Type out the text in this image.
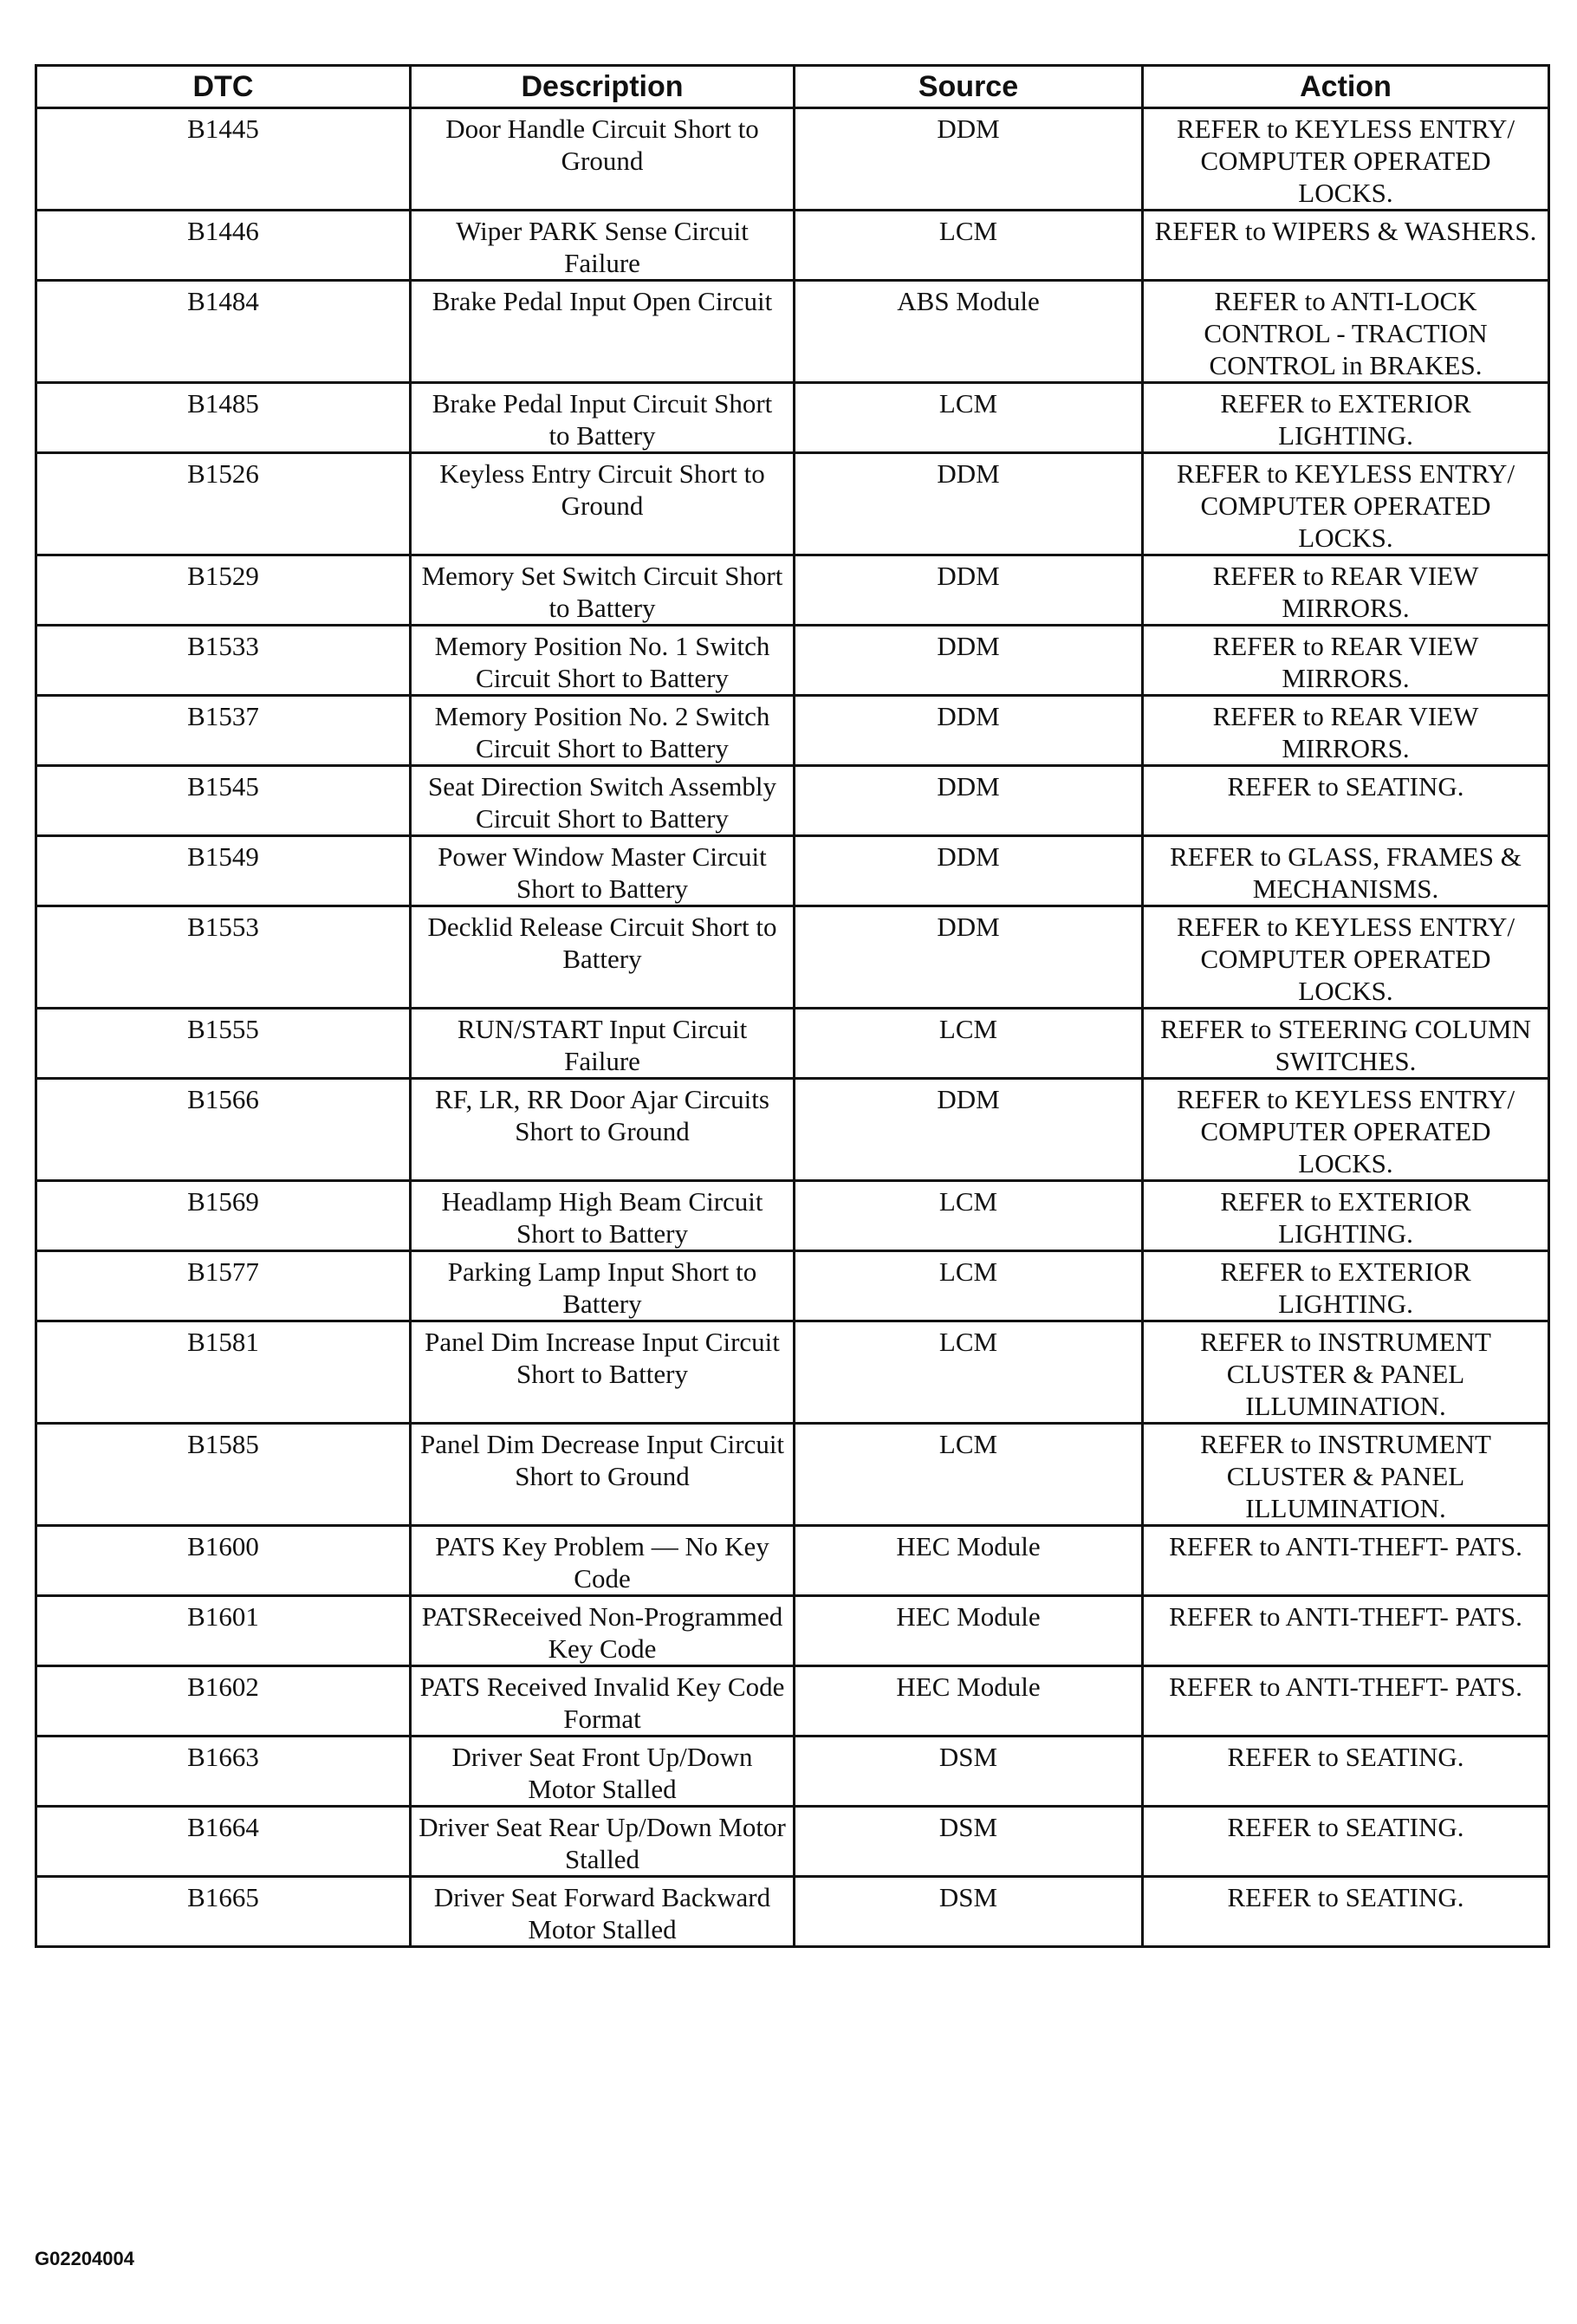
DTC	Description	Source	Action
B1445	Door Handle Circuit Short to Ground	DDM	REFER to KEYLESS ENTRY/ COMPUTER OPERATED LOCKS.
B1446	Wiper PARK Sense Circuit Failure	LCM	REFER to WIPERS & WASHERS.
B1484	Brake Pedal Input Open Circuit	ABS Module	REFER to ANTI-LOCK CONTROL - TRACTION CONTROL in BRAKES.
B1485	Brake Pedal Input Circuit Short to Battery	LCM	REFER to EXTERIOR LIGHTING.
B1526	Keyless Entry Circuit Short to Ground	DDM	REFER to KEYLESS ENTRY/ COMPUTER OPERATED LOCKS.
B1529	Memory Set Switch Circuit Short to Battery	DDM	REFER to REAR VIEW MIRRORS.
B1533	Memory Position No. 1 Switch Circuit Short to Battery	DDM	REFER to REAR VIEW MIRRORS.
B1537	Memory Position No. 2 Switch Circuit Short to Battery	DDM	REFER to REAR VIEW MIRRORS.
B1545	Seat Direction Switch Assembly Circuit Short to Battery	DDM	REFER to SEATING.
B1549	Power Window Master Circuit Short to Battery	DDM	REFER to GLASS, FRAMES & MECHANISMS.
B1553	Decklid Release Circuit Short to Battery	DDM	REFER to KEYLESS ENTRY/ COMPUTER OPERATED LOCKS.
B1555	RUN/START Input Circuit Failure	LCM	REFER to STEERING COLUMN SWITCHES.
B1566	RF, LR, RR Door Ajar Circuits Short to Ground	DDM	REFER to KEYLESS ENTRY/ COMPUTER OPERATED LOCKS.
B1569	Headlamp High Beam Circuit Short to Battery	LCM	REFER to EXTERIOR LIGHTING.
B1577	Parking Lamp Input Short to Battery	LCM	REFER to EXTERIOR LIGHTING.
B1581	Panel Dim Increase Input Circuit Short to Battery	LCM	REFER to INSTRUMENT CLUSTER & PANEL ILLUMINATION.
B1585	Panel Dim Decrease Input Circuit Short to Ground	LCM	REFER to INSTRUMENT CLUSTER & PANEL ILLUMINATION.
B1600	PATS Key Problem — No Key Code	HEC Module	REFER to ANTI-THEFT- PATS.
B1601	PATSReceived Non-Programmed Key Code	HEC Module	REFER to ANTI-THEFT- PATS.
B1602	PATS Received Invalid Key Code Format	HEC Module	REFER to ANTI-THEFT- PATS.
B1663	Driver Seat Front Up/Down Motor Stalled	DSM	REFER to SEATING.
B1664	Driver Seat Rear Up/Down Motor Stalled	DSM	REFER to SEATING.
B1665	Driver Seat Forward Backward Motor Stalled	DSM	REFER to SEATING.
G02204004
